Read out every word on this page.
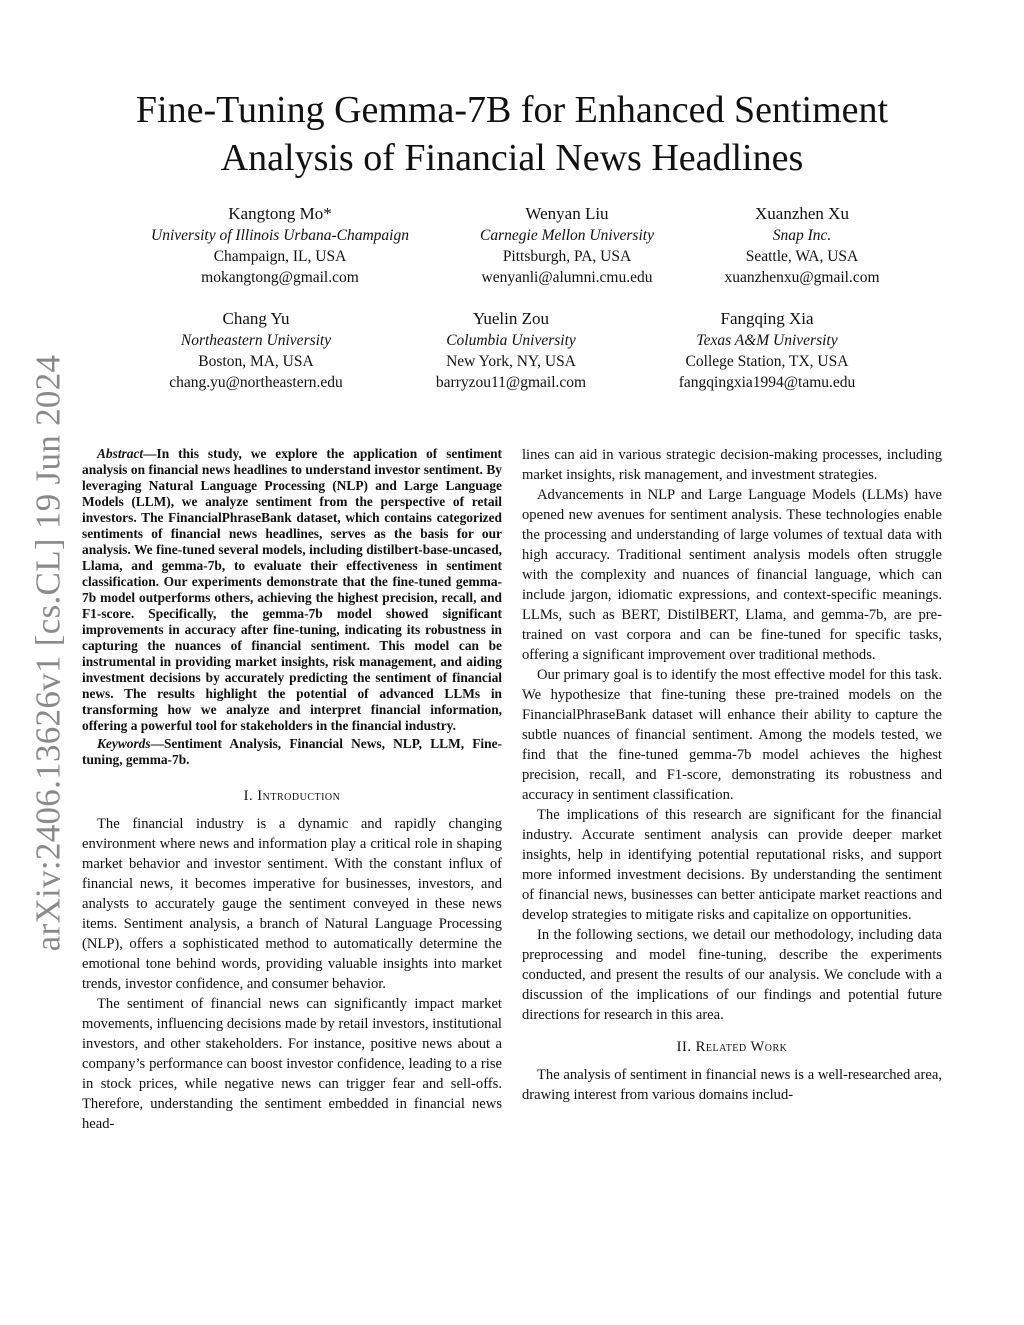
arXiv:2406.13626v1 [cs.CL] 19 Jun 2024
Fine-Tuning Gemma-7B for Enhanced Sentiment
Analysis of Financial News Headlines
Kangtong Mo*
University of Illinois Urbana-Champaign
Champaign, IL, USA
mokangtong@gmail.com
Wenyan Liu
Carnegie Mellon University
Pittsburgh, PA, USA
wenyanli@alumni.cmu.edu
Xuanzhen Xu
Snap Inc.
Seattle, WA, USA
xuanzhenxu@gmail.com
Chang Yu
Northeastern University
Boston, MA, USA
chang.yu@northeastern.edu
Yuelin Zou
Columbia University
New York, NY, USA
barryzou11@gmail.com
Fangqing Xia
Texas A&M University
College Station, TX, USA
fangqingxia1994@tamu.edu

Abstract—In this study, we explore the application of sentiment analysis on financial news headlines to understand investor sentiment. By leveraging Natural Language Processing (NLP) and Large Language Models (LLM), we analyze sentiment from the perspective of retail investors. The FinancialPhraseBank dataset, which contains categorized sentiments of financial news headlines, serves as the basis for our analysis. We fine-tuned several models, including distilbert-base-uncased, Llama, and gemma-7b, to evaluate their effectiveness in sentiment classification. Our experiments demonstrate that the fine-tuned gemma-7b model outperforms others, achieving the highest precision, recall, and F1-score. Specifically, the gemma-7b model showed significant improvements in accuracy after fine-tuning, indicating its robustness in capturing the nuances of financial sentiment. This model can be instrumental in providing market insights, risk management, and aiding investment decisions by accurately predicting the sentiment of financial news. The results highlight the potential of advanced LLMs in transforming how we analyze and interpret financial information, offering a powerful tool for stakeholders in the financial industry.

Keywords—Sentiment Analysis, Financial News, NLP, LLM, Fine-tuning, gemma-7b.

I. Introduction

The financial industry is a dynamic and rapidly changing environment where news and information play a critical role in shaping market behavior and investor sentiment. With the constant influx of financial news, it becomes imperative for businesses, investors, and analysts to accurately gauge the sentiment conveyed in these news items. Sentiment analysis, a branch of Natural Language Processing (NLP), offers a sophisticated method to automatically determine the emotional tone behind words, providing valuable insights into market trends, investor confidence, and consumer behavior.

The sentiment of financial news can significantly impact market movements, influencing decisions made by retail investors, institutional investors, and other stakeholders. For instance, positive news about a company’s performance can boost investor confidence, leading to a rise in stock prices, while negative news can trigger fear and sell-offs. Therefore, understanding the sentiment embedded in financial news head-

lines can aid in various strategic decision-making processes, including market insights, risk management, and investment strategies.

Advancements in NLP and Large Language Models (LLMs) have opened new avenues for sentiment analysis. These technologies enable the processing and understanding of large volumes of textual data with high accuracy. Traditional sentiment analysis models often struggle with the complexity and nuances of financial language, which can include jargon, idiomatic expressions, and context-specific meanings. LLMs, such as BERT, DistilBERT, Llama, and gemma-7b, are pre-trained on vast corpora and can be fine-tuned for specific tasks, offering a significant improvement over traditional methods.

Our primary goal is to identify the most effective model for this task. We hypothesize that fine-tuning these pre-trained models on the FinancialPhraseBank dataset will enhance their ability to capture the subtle nuances of financial sentiment. Among the models tested, we find that the fine-tuned gemma-7b model achieves the highest precision, recall, and F1-score, demonstrating its robustness and accuracy in sentiment classification.

The implications of this research are significant for the financial industry. Accurate sentiment analysis can provide deeper market insights, help in identifying potential reputational risks, and support more informed investment decisions. By understanding the sentiment of financial news, businesses can better anticipate market reactions and develop strategies to mitigate risks and capitalize on opportunities.

In the following sections, we detail our methodology, including data preprocessing and model fine-tuning, describe the experiments conducted, and present the results of our analysis. We conclude with a discussion of the implications of our findings and potential future directions for research in this area.

II. Related Work

The analysis of sentiment in financial news is a well-researched area, drawing interest from various domains includ-
